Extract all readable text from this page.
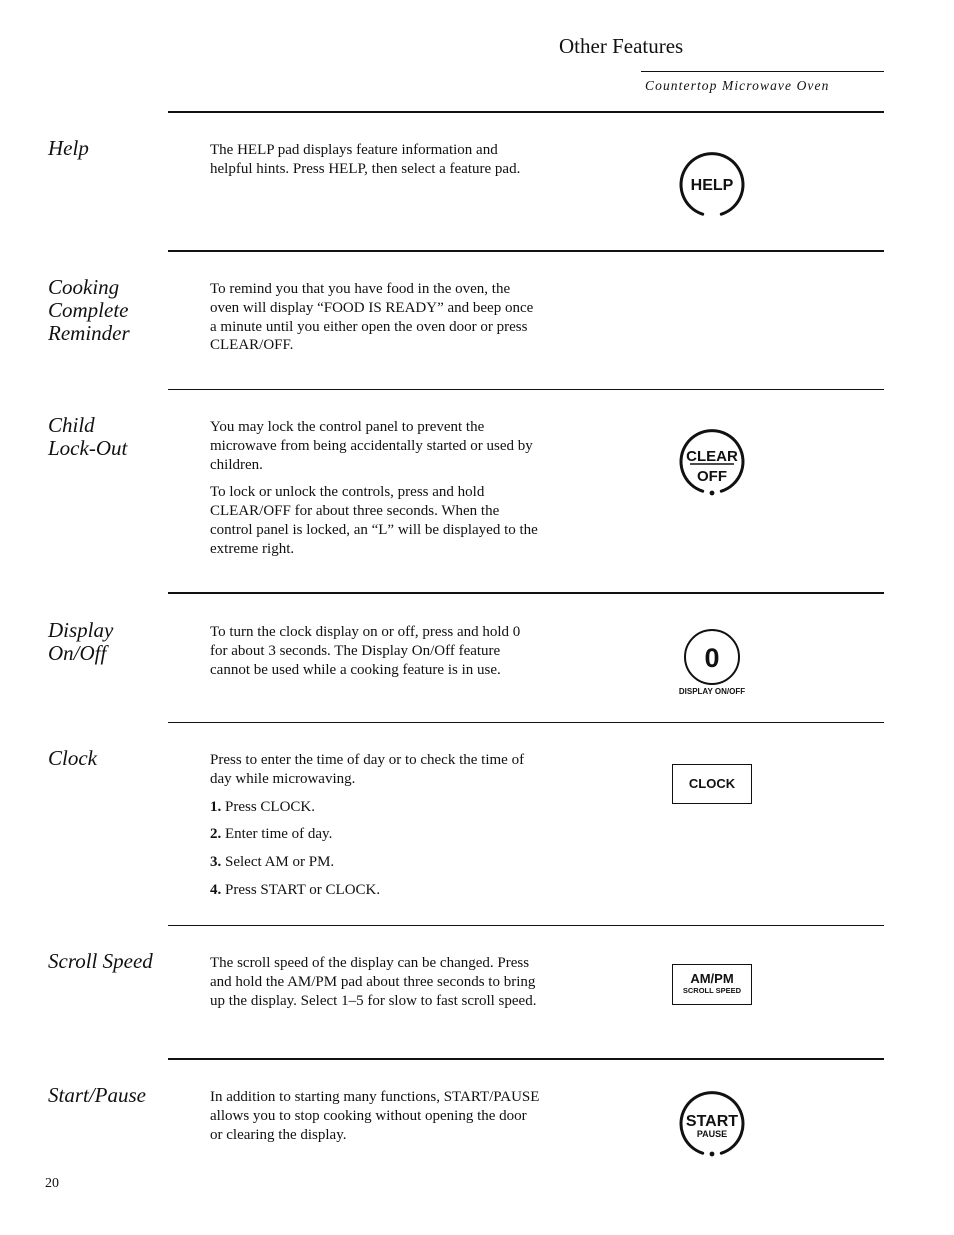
Other Features
Countertop Microwave Oven
Help	The HELP pad displays feature information and helpful hints. Press HELP, then select a feature pad.

HELP
Cooking
Complete
Reminder

To remind you that you have food in the oven, the oven will display “FOOD IS READY” and beep once a minute until you either open the oven door or press CLEAR/OFF.

Child
Lock-Out

You may lock the control panel to prevent the microwave from being accidentally started or used by children.

To lock or unlock the controls, press and hold CLEAR/OFF for about three seconds. When the control panel is locked, an “L” will be displayed to the extreme right.

CLEAR
OFF
Display
On/Off

To turn the clock display on or off, press and hold 0 for about 3 seconds. The Display On/Off feature cannot be used while a cooking feature is in use.	0
DISPLAY ON/OFF
Clock	Press to enter the time of day or to check the time of day while microwaving.

1. Press CLOCK.
2. Enter time of day.
3. Select AM or PM.
4. Press START or CLOCK.
CLOCK
Scroll Speed	The scroll speed of the display can be changed. Press and hold the AM/PM pad about three seconds to bring up the display. Select 1–5 for slow to fast scroll speed.

AM/PM
SCROLL SPEED
Start/Pause	In addition to starting many functions, START/PAUSE allows you to stop cooking without opening the door or clearing the display.

START
PAUSE
20
